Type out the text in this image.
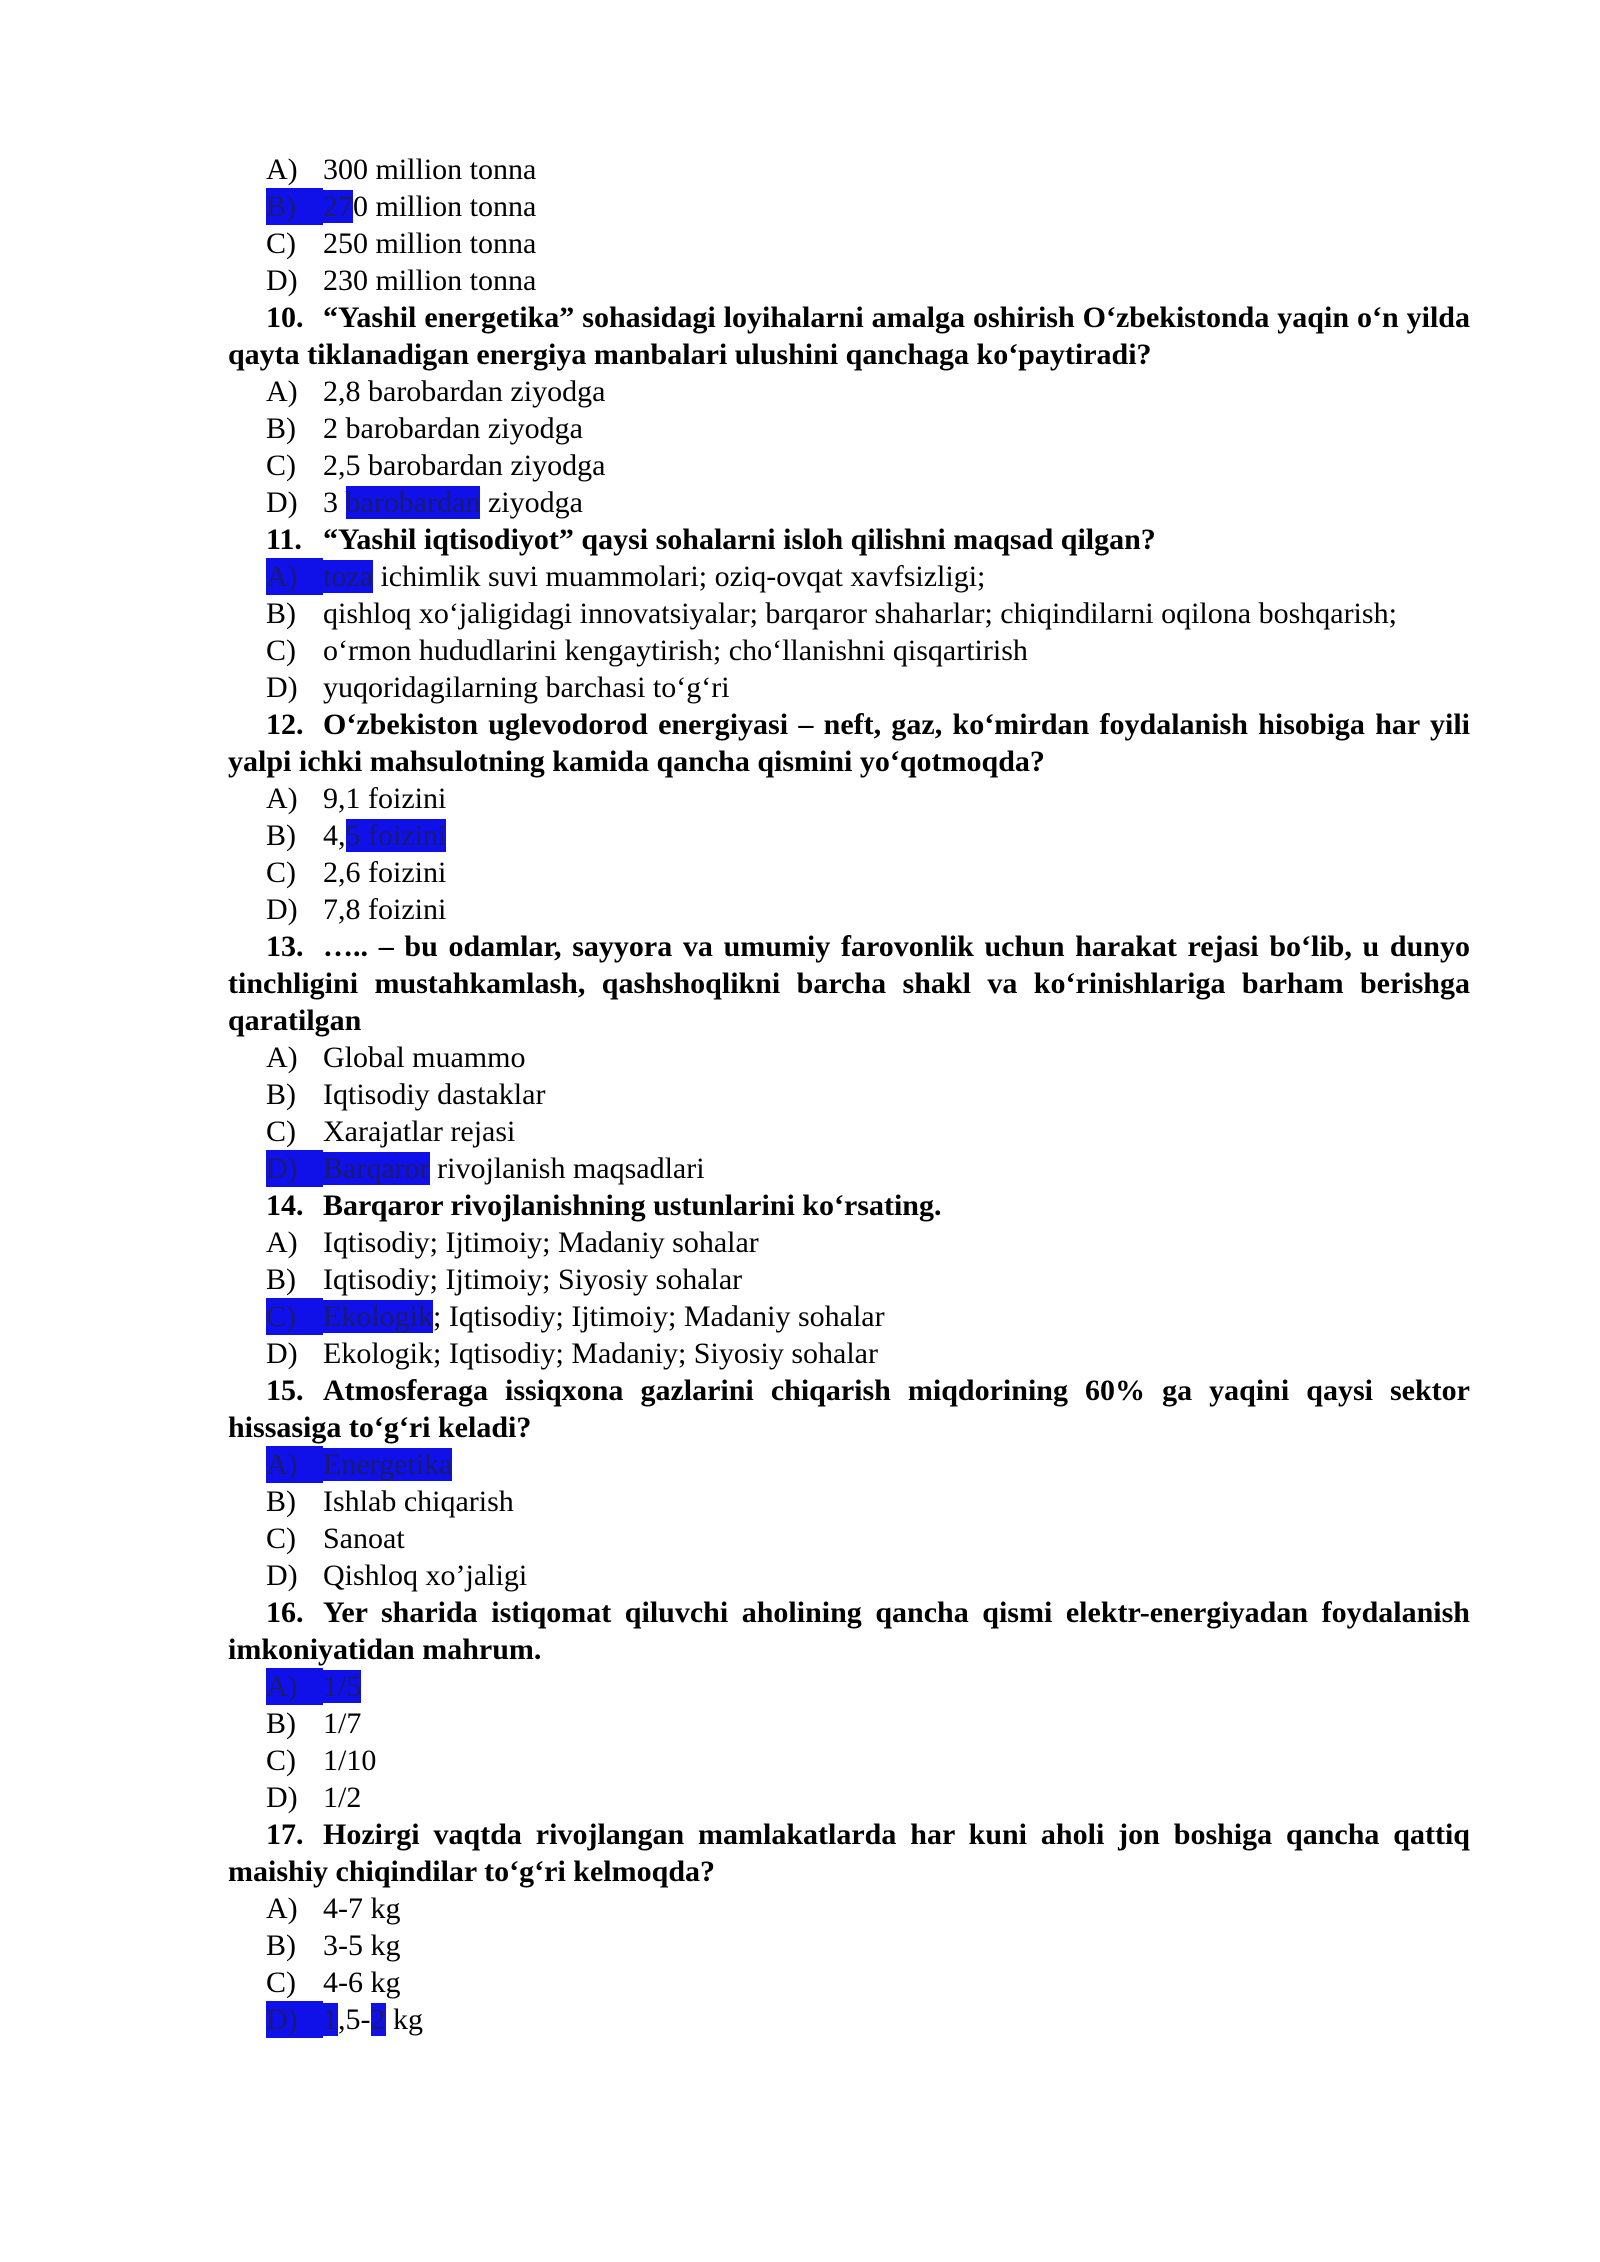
A) 300 million tonna
B) 270 million tonna
C) 250 million tonna
D) 230 million tonna
10. “Yashil energetika” sohasidagi loyihalarni amalga oshirish O‘zbekistonda yaqin o‘n yilda qayta tiklanadigan energiya manbalari ulushini qanchaga ko‘paytiradi?
A) 2,8 barobardan ziyodga
B) 2 barobardan ziyodga
C) 2,5 barobardan ziyodga
D) 3 barobardan ziyodga
11. “Yashil iqtisodiyot” qaysi sohalarni isloh qilishni maqsad qilgan?
A) toza ichimlik suvi muammolari; oziq-ovqat xavfsizligi;
B) qishloq xo‘jaligidagi innovatsiyalar; barqaror shaharlar; chiqindilarni oqilona boshqarish;
C) o‘rmon hududlarini kengaytirish; cho‘llanishni qisqartirish
D) yuqoridagilarning barchasi to‘g‘ri
12. O‘zbekiston uglevodorod energiyasi – neft, gaz, ko‘mirdan foydalanish hisobiga har yili yalpi ichki mahsulotning kamida qancha qismini yo‘qotmoqda?
A) 9,1 foizini
B) 4,5 foizini
C) 2,6 foizini
D) 7,8 foizini
13. ….. – bu odamlar, sayyora va umumiy farovonlik uchun harakat rejasi bo‘lib, u dunyo tinchligini mustahkamlash, qashshoqlikni barcha shakl va ko‘rinishlariga barham berishga qaratilgan
A) Global muammo
B) Iqtisodiy dastaklar
C) Xarajatlar rejasi
D) Barqaror rivojlanish maqsadlari
14. Barqaror rivojlanishning ustunlarini ko‘rsating.
A) Iqtisodiy; Ijtimoiy; Madaniy sohalar
B) Iqtisodiy; Ijtimoiy; Siyosiy sohalar
C) Ekologik; Iqtisodiy; Ijtimoiy; Madaniy sohalar
D) Ekologik; Iqtisodiy; Madaniy; Siyosiy sohalar
15. Atmosferaga issiqxona gazlarini chiqarish miqdorining 60% ga yaqini qaysi sektor hissasiga to‘g‘ri keladi?
A) Energetika
B) Ishlab chiqarish
C) Sanoat
D) Qishloq xo’jaligi
16. Yer sharida istiqomat qiluvchi aholining qancha qismi elektr-energiyadan foydalanish imkoniyatidan mahrum.
A) 1/5
B) 1/7
C) 1/10
D) 1/2
17. Hozirgi vaqtda rivojlangan mamlakatlarda har kuni aholi jon boshiga qancha qattiq maishiy chiqindilar to‘g‘ri kelmoqda?
A) 4-7 kg
B) 3-5 kg
C) 4-6 kg
D) 1,5-2 kg
